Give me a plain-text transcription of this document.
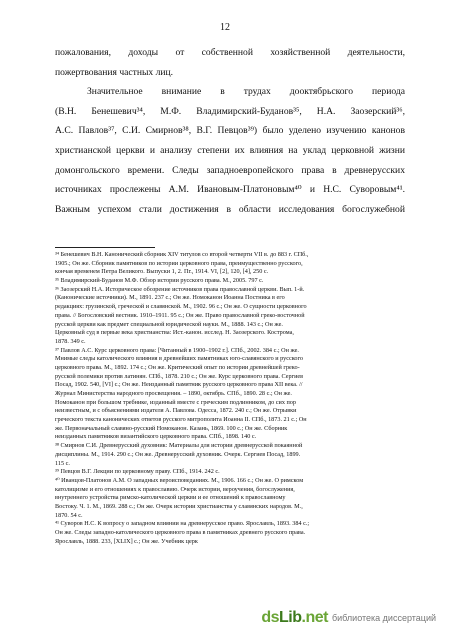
12
пожалования, доходы от собственной хозяйственной деятельности,
пожертвования частных лиц.
Значительное внимание в трудах дооктябрьского периода
(В.Н. Бенешевич³⁴, М.Ф. Владимирский-Буданов³⁵, Н.А. Заозерский³⁶,
А.С. Павлов³⁷, С.И. Смирнов³⁸, В.Г. Певцов³⁹) было уделено изучению канонов
христианской церкви и анализу степени их влияния на уклад церковной жизни
домонгольского времени. Следы западноевропейского права в древнерусских
источниках прослежены А.М. Ивановым-Платоновым⁴⁰ и Н.С. Суворовым⁴¹.
Важным успехом стали достижения в области исследования богослужебной
³⁴ Бенешевич В.Н. Канонический сборник XIV титулов со второй четверти VII в. до 883 г. СПб.,
1905.; Он же. Сборник памятников по истории церковного права, преимущественно русского,
кончая временем Петра Великого. Выпуски 1, 2. Пг., 1914. VI, [2], 120, [4], 250 с.
³⁵ Владимирский-Буданов М.Ф. Обзор истории русского права. М., 2005. 797 с.
³⁶ Заозерский Н.А. Историческое обозрение источников права православной церкви. Вып. 1-й.
(Канонические источники). М., 1891. 237 с.; Он же. Номоканон Иоанна Постника в его
редакциях: грузинской, греческой и славянской. М., 1902. 96 с.; Он же. О сущности церковного
права. // Богословский вестник. 1910–1911. 95 с.; Он же. Право православной греко-восточной
русской церкви как предмет специальной юридической науки. М., 1888. 143 с.; Он же.
Церковный суд в первые века христианства: Ист.-канон. исслед. Н. Заозерского. Кострома,
1878. 349 с.
³⁷ Павлов А.С. Курс церковного права: [Читанный в 1900–1902 г.]. СПб., 2002. 384 с.; Он же.
Мнимые следы католического влияния в древнейших памятниках юго-славянского и русского
церковного права. М., 1892. 174 с.; Он же. Критический опыт по истории древнейшей греко-
русской полемики против латинян. СПб., 1878. 210 с.; Он же. Курс церковного права. Сергиев
Посад, 1902. 540, [VI] с.; Он же. Неизданный памятник русского церковного права XII века. //
Журнал Министерства народного просвещения. – 1890, октябрь. СПб., 1890. 28 с.; Он же.
Номоканон при большом требнике, изданный вместе с греческим подлинником, до сих пор
неизвестным, и с объяснениями издателя А. Павлова. Одесса, 1872. 240 с.; Он же. Отрывки
греческого текста канонических ответов русского митрополита Иоанна II. СПб., 1873. 21 с.; Он
же. Первоначальный славяно-русский Номоканон. Казань, 1869. 100 с.; Он же. Сборник
неизданных памятников византийского церковного права. СПб., 1898. 140 с.
³⁸ Смирнов С.И. Древнерусский духовник: Материалы для истории древнерусской покаянной
дисциплины. М., 1914. 290 с.; Он же. Древнерусский духовник. Очерк. Сергиев Посад, 1899.
115 с.
³⁹ Певцов В.Г. Лекции по церковному праву. СПб., 1914. 242 с.
⁴⁰ Иванцов-Платонов А.М. О западных вероисповеданиях. М., 1906. 166 с.; Он же. О римском
католицизме и его отношениях к православию. Очерк истории, вероучения, богослужения,
внутреннего устройства римско-католической церкви и ее отношений к православному
Востоку. Ч. 1. М., 1869. 288 с.; Он же. Очерк истории христианства у славянских народов. М.,
1870. 54 с.
⁴¹ Суворов Н.С. К вопросу о западном влиянии на древнерусское право. Ярославль, 1893. 384 с.;
Он же. Следы западно-католического церковного права в памятниках древнего русского права.
Ярославль, 1888. 233, [XLIX] с.; Он же. Учебник церк
dsLib.net библиотека диссертаций
